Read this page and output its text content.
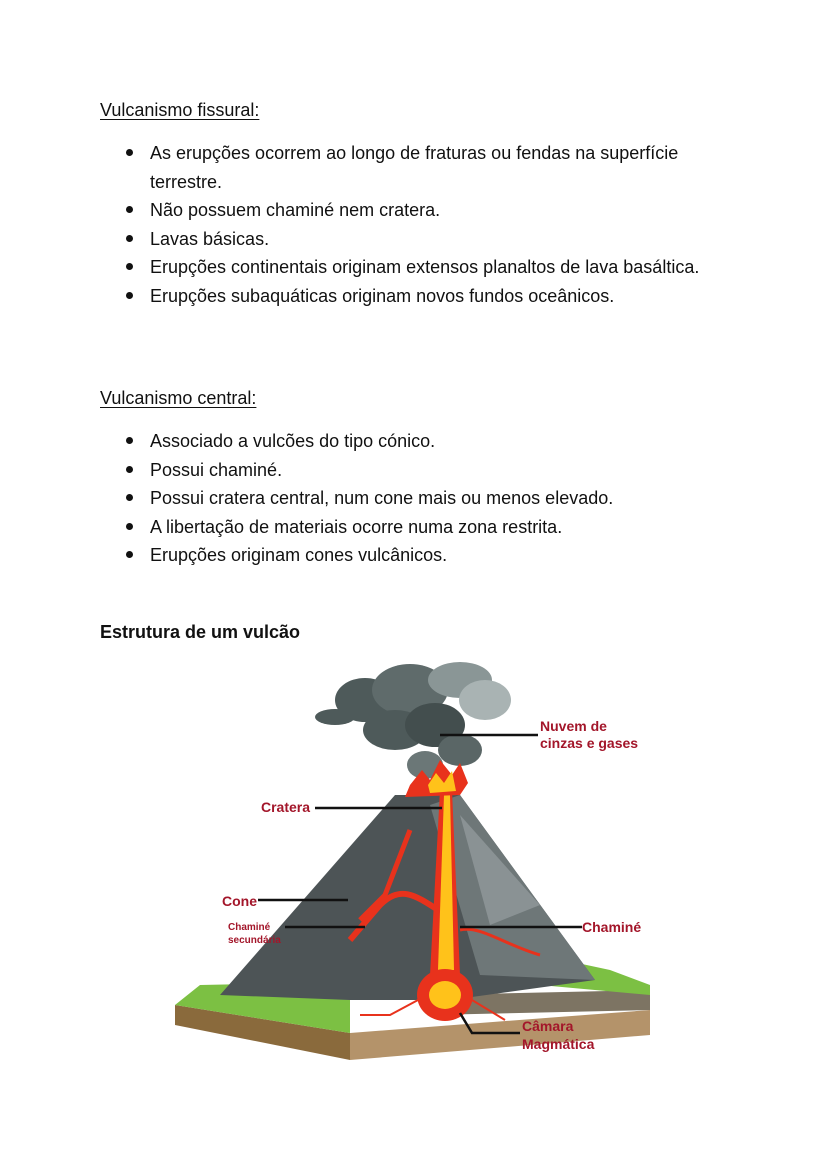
Vulcanismo fissural:
As erupções ocorrem ao longo de fraturas ou fendas na superfície terrestre.
Não possuem chaminé nem cratera.
Lavas básicas.
Erupções continentais originam extensos planaltos de lava basáltica.
Erupções subaquáticas originam novos fundos oceânicos.
Vulcanismo central:
Associado a vulcões do tipo cónico.
Possui chaminé.
Possui cratera central, num cone mais ou menos elevado.
A libertação de materiais ocorre numa zona restrita.
Erupções originam cones vulcânicos.
Estrutura de um vulcão
Nuvem de
cinzas e gases
Cratera
Cone
Chaminé
secundária
Chaminé
Câmara
Magmática
